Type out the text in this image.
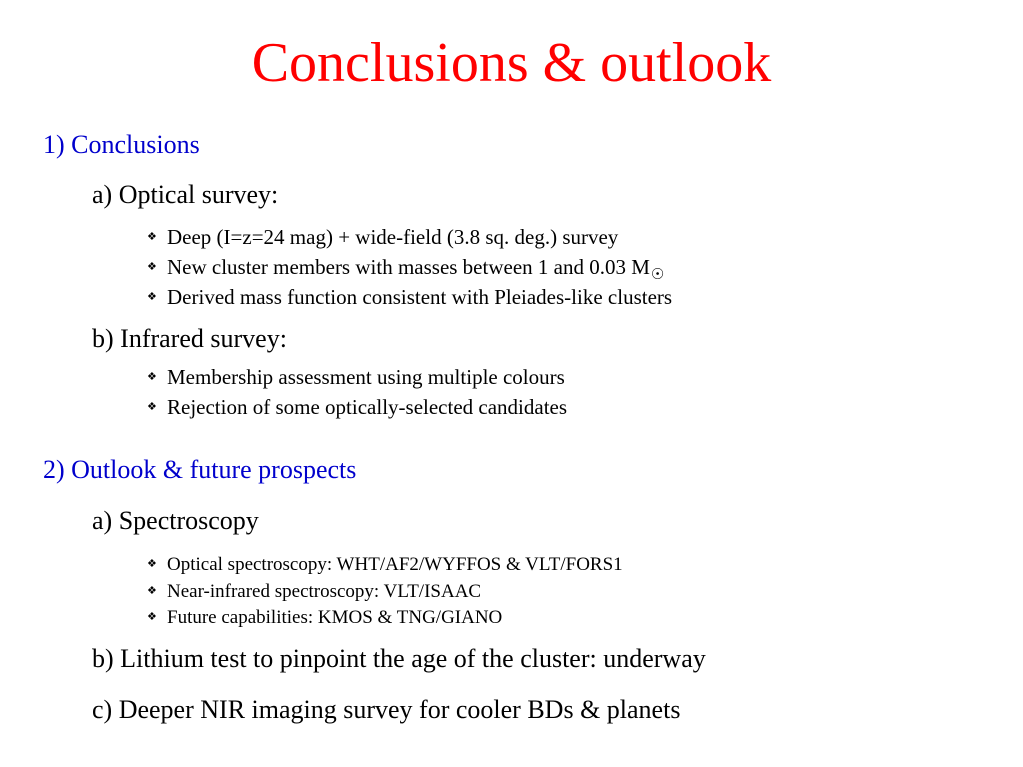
Conclusions & outlook
1) Conclusions
a) Optical survey:
❖ Deep (I=z=24 mag) + wide-field (3.8 sq. deg.) survey
❖ New cluster members with masses between 1 and 0.03 M☉
❖ Derived mass function consistent with Pleiades-like clusters
b) Infrared survey:
❖ Membership assessment using multiple colours
❖ Rejection of some optically-selected candidates
2) Outlook & future prospects
a) Spectroscopy
❖ Optical spectroscopy: WHT/AF2/WYFFOS & VLT/FORS1
❖ Near-infrared spectroscopy: VLT/ISAAC
❖ Future capabilities: KMOS & TNG/GIANO
b) Lithium test to pinpoint the age of the cluster: underway
c) Deeper NIR imaging survey for cooler BDs & planets
